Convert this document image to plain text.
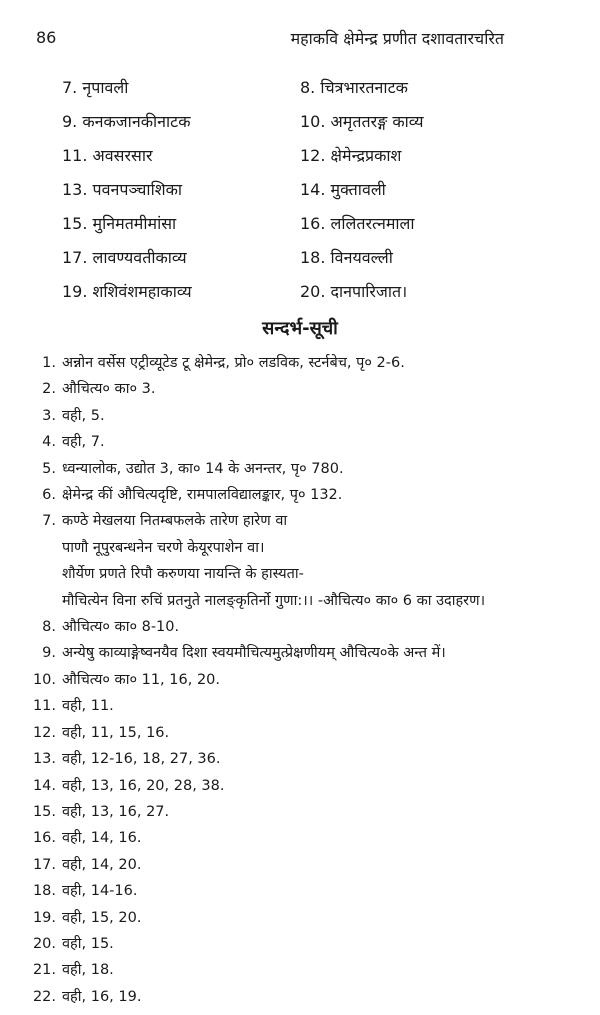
86	महाकवि क्षेमेन्द्र प्रणीत दशावतारचरित
7. नृपावली	8. चित्रभारतनाटक
9. कनकजानकीनाटक	10. अमृततरङ्ग काव्य
11. अवसरसार	12. क्षेमेन्द्रप्रकाश
13. पवनपञ्चाशिका	14. मुक्तावली
15. मुनिमतमीमांसा	16. ललितरत्नमाला
17. लावण्यवतीकाव्य	18. विनयवल्ली
19. शशिवंशमहाकाव्य	20. दानपारिजात।
सन्दर्भ-सूची
1. अन्नोन वर्सेस एट्रीव्यूटेड टू क्षेमेन्द्र, प्रो० लडविक, स्टर्नबेच, पृ० 2-6.
2. औचित्य० का० 3.
3. वही, 5.
4. वही, 7.
5. ध्वन्यालोक, उद्योत 3, का० 14 के अनन्तर, पृ० 780.
6. क्षेमेन्द्र कीं औचित्यदृष्टि, रामपालविद्यालङ्कार, पृ० 132.
7. कण्ठे मेखलया नितम्बफलके तारेण हारेण वा
पाणौ नूपुरबन्धनेन चरणे केयूरपाशेन वा।
शौर्येण प्रणते रिपौ करुणया नायन्ति के हास्यता-
मौचित्येन विना रुचिं प्रतनुते नालङ्कृतिर्नो गुणा:।। -औचित्य० का० 6 का उदाहरण।
8. औचित्य० का० 8-10.
9. अन्येषु काव्याङ्गेष्वनयैव दिशा स्वयमौचित्यमुत्प्रेक्षणीयम् औचित्य०के अन्त में।
10. औचित्य० का० 11, 16, 20.
11. वही, 11.
12. वही, 11, 15, 16.
13. वही, 12-16, 18, 27, 36.
14. वही, 13, 16, 20, 28, 38.
15. वही, 13, 16, 27.
16. वही, 14, 16.
17. वही, 14, 20.
18. वही, 14-16.
19. वही, 15, 20.
20. वही, 15.
21. वही, 18.
22. वही, 16, 19.
